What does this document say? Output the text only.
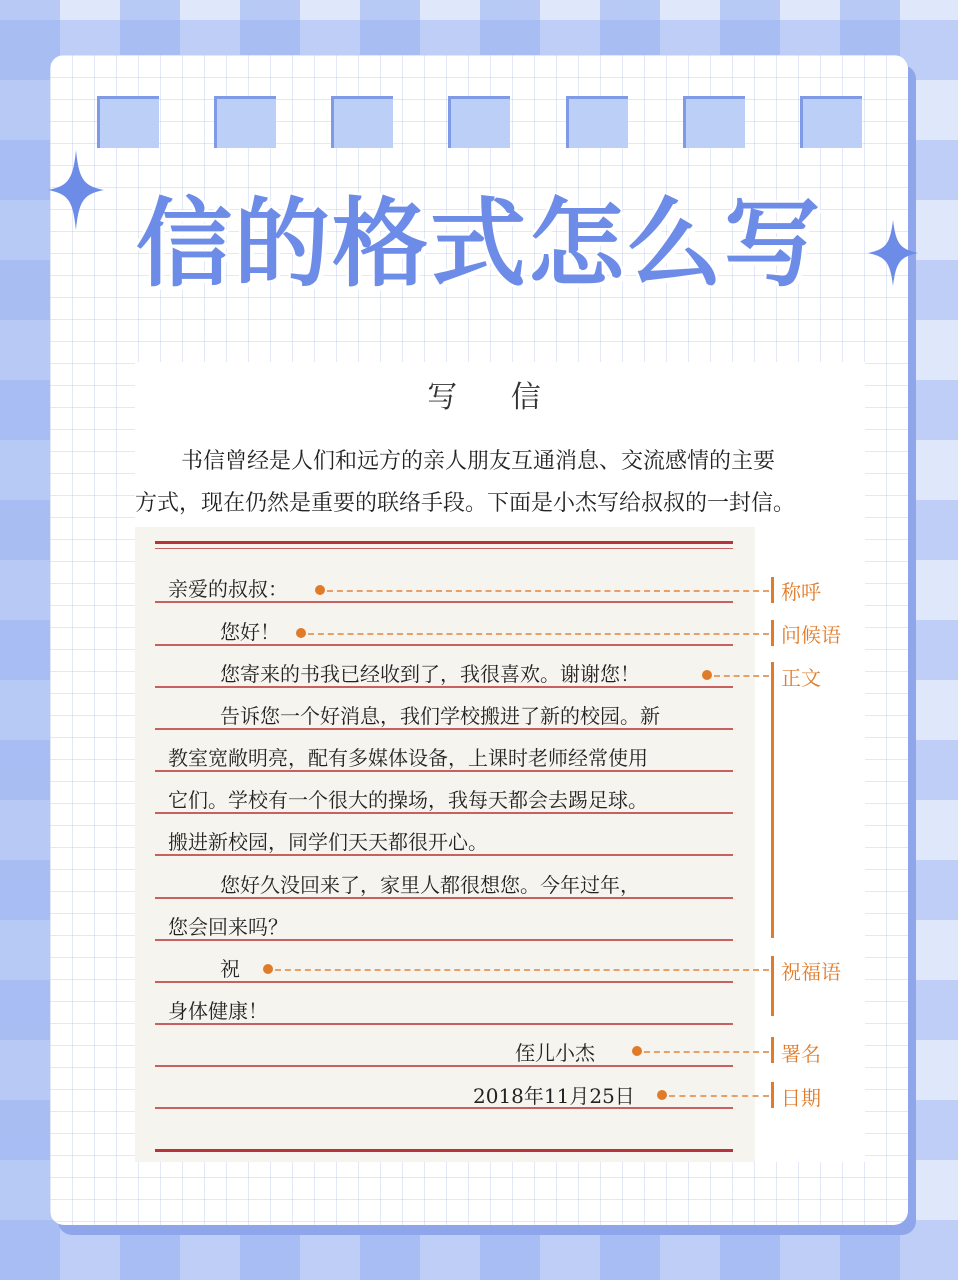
信的格式怎么写
写 信
书信曾经是人们和远方的亲人朋友互通消息、交流感情的主要
方式，现在仍然是重要的联络手段。下面是小杰写给叔叔的一封信。
亲爱的叔叔：
您好！
您寄来的书我已经收到了，我很喜欢。谢谢您！
告诉您一个好消息，我们学校搬进了新的校园。新
教室宽敞明亮，配有多媒体设备，上课时老师经常使用
它们。学校有一个很大的操场，我每天都会去踢足球。
搬进新校园，同学们天天都很开心。
您好久没回来了，家里人都很想您。今年过年，
您会回来吗？
祝
身体健康！
侄儿小杰
2018年11月25日
称呼
问候语
正文
祝福语
署名
日期
